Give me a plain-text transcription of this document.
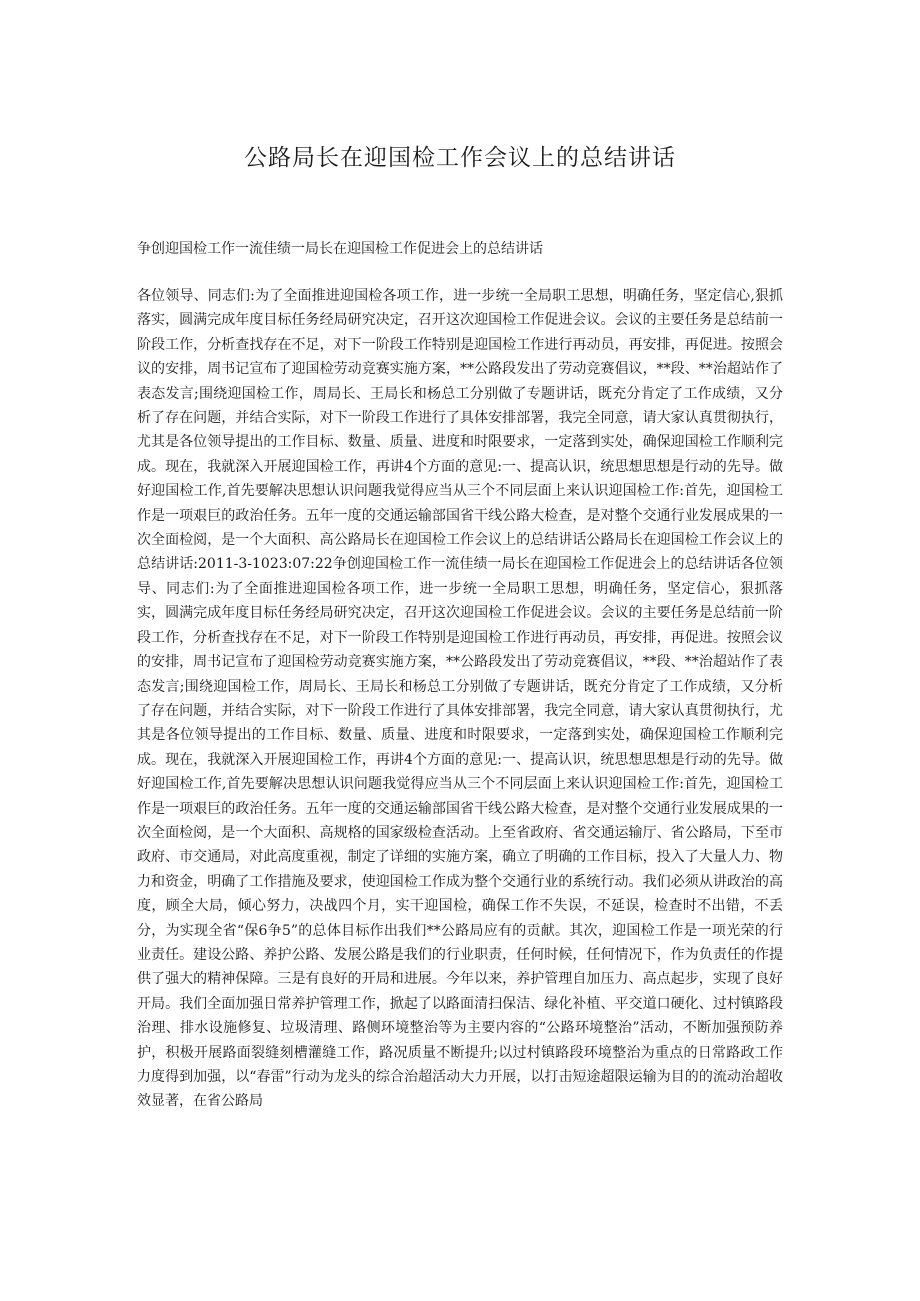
公路局长在迎国检工作会议上的总结讲话

争创迎国检工作一流佳绩一局长在迎国检工作促进会上的总结讲话

各位领导、同志们:为了全面推进迎国检各项工作，进一步统一全局职工思想，明确任务，坚定信心,狠抓落实，圆满完成年度目标任务经局研究决定，召开这次迎国检工作促进会议。会议的主要任务是总结前一阶段工作，分析查找存在不足，对下一阶段工作特别是迎国检工作进行再动员，再安排，再促进。按照会议的安排，周书记宣布了迎国检劳动竞赛实施方案，**公路段发出了劳动竞赛倡议，**段、**治超站作了表态发言;围绕迎国检工作，周局长、王局长和杨总工分别做了专题讲话，既充分肯定了工作成绩，又分析了存在问题，并结合实际，对下一阶段工作进行了具体安排部署，我完全同意，请大家认真贯彻执行，尤其是各位领导提出的工作目标、数量、质量、进度和时限要求，一定落到实处，确保迎国检工作顺利完成。现在，我就深入开展迎国检工作，再讲4个方面的意见:一、提高认识，统思想思想是行动的先导。做好迎国检工作,首先要解决思想认识问题我觉得应当从三个不同层面上来认识迎国检工作:首先，迎国检工作是一项艰巨的政治任务。五年一度的交通运输部国省干线公路大检查，是对整个交通行业发展成果的一次全面检阅，是一个大面积、高公路局长在迎国检工作会议上的总结讲话公路局长在迎国检工作会议上的总结讲话:2011-3-1023:07:22争创迎国检工作一流佳绩一局长在迎国检工作促进会上的总结讲话各位领导、同志们:为了全面推进迎国检各项工作，进一步统一全局职工思想，明确任务，坚定信心，狠抓落实，圆满完成年度目标任务经局研究决定，召开这次迎国检工作促进会议。会议的主要任务是总结前一阶段工作，分析查找存在不足，对下一阶段工作特别是迎国检工作进行再动员，再安排，再促进。按照会议的安排，周书记宣布了迎国检劳动竞赛实施方案，**公路段发出了劳动竞赛倡议，**段、**治超站作了表态发言;围绕迎国检工作，周局长、王局长和杨总工分别做了专题讲话，既充分肯定了工作成绩，又分析了存在问题，并结合实际，对下一阶段工作进行了具体安排部署，我完全同意，请大家认真贯彻执行，尤其是各位领导提出的工作目标、数量、质量、进度和时限要求，一定落到实处，确保迎国检工作顺利完成。现在，我就深入开展迎国检工作，再讲4个方面的意见:一、提高认识，统思想思想是行动的先导。做好迎国检工作,首先要解决思想认识问题我觉得应当从三个不同层面上来认识迎国检工作:首先，迎国检工作是一项艰巨的政治任务。五年一度的交通运输部国省干线公路大检查，是对整个交通行业发展成果的一次全面检阅，是一个大面积、高规格的国家级检查活动。上至省政府、省交通运输厅、省公路局，下至市政府、市交通局，对此高度重视，制定了详细的实施方案，确立了明确的工作目标，投入了大量人力、物力和资金，明确了工作措施及要求，使迎国检工作成为整个交通行业的系统行动。我们必须从讲政治的高度，顾全大局，倾心努力，决战四个月，实干迎国检，确保工作不失误，不延误，检查时不出错，不丢分，为实现全省“保6争5”的总体目标作出我们**公路局应有的贡献。其次，迎国检工作是一项光荣的行业责任。建设公路、养护公路、发展公路是我们的行业职责，任何时候，任何情况下，作为负责任的作提供了强大的精神保障。三是有良好的开局和进展。今年以来，养护管理自加压力、高点起步，实现了良好开局。我们全面加强日常养护管理工作，掀起了以路面清扫保洁、绿化补植、平交道口硬化、过村镇路段治理、排水设施修复、垃圾清理、路侧环境整治等为主要内容的“公路环境整治”活动，不断加强预防养护，积极开展路面裂缝刻槽灌缝工作，路况质量不断提升;以过村镇路段环境整治为重点的日常路政工作力度得到加强，以“春雷”行动为龙头的综合治超活动大力开展，以打击短途超限运输为目的的流动治超收效显著，在省公路局
